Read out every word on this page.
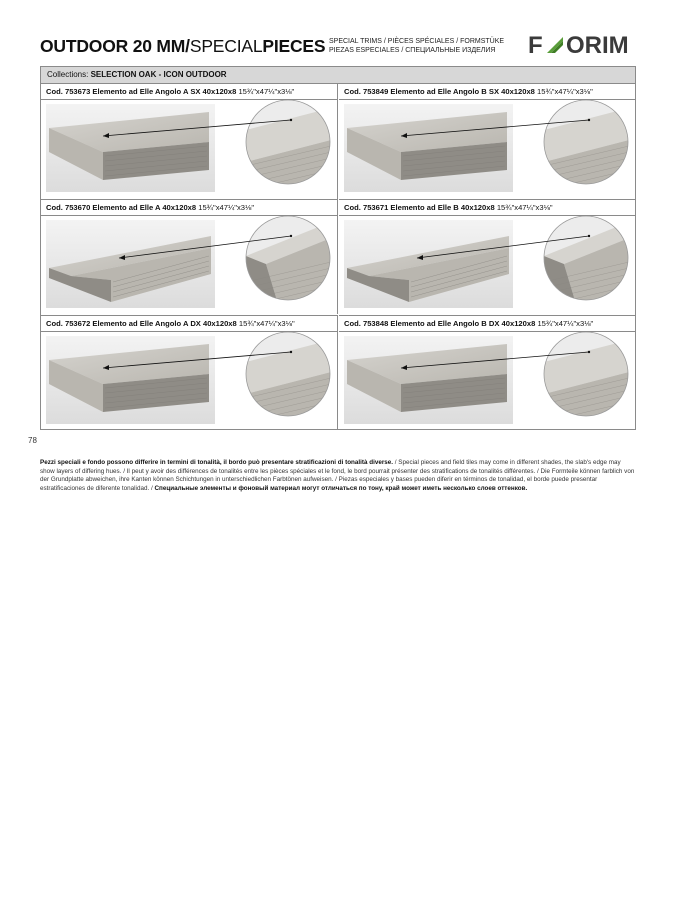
OUTDOOR 20 MM/SPECIALPIECES SPECIAL TRIMS / PIÈCES SPÉCIALES / FORMSTÜKE
PIEZAS ESPECIALES / СПЕЦИАЛЬНЫЕ ИЗДЕЛИЯ	F ORIM
Collections: SELECTION OAK - ICON OUTDOOR
Cod. 753673 Elemento ad Elle Angolo A SX 40x120x8 15¾"x47¼"x3⅛"	Cod. 753849 Elemento ad Elle Angolo B SX 40x120x8 15¾"x47¼"x3⅛"
Cod. 753670 Elemento ad Elle A 40x120x8 15¾"x47¼"x3⅛"	Cod. 753671 Elemento ad Elle B 40x120x8 15¾"x47¼"x3⅛"
Cod. 753672 Elemento ad Elle Angolo A DX 40x120x8 15¾"x47¼"x3⅛"	Cod. 753848 Elemento ad Elle Angolo B DX 40x120x8 15¾"x47¼"x3⅛"
78
Pezzi speciali e fondo possono differire in termini di tonalità, il bordo può presentare stratificazioni di tonalità diverse. / Special pieces and field tiles may come in different shades, the slab's edge may show layers of differing hues. / Il peut y avoir des différences de tonalités entre les pièces spéciales et le fond, le bord pourrait présenter des stratifications de tonalités différentes. / Die Formteile können farblich von der Grundplatte abweichen, ihre Kanten können Schichtungen in unterschiedlichen Farbtönen aufweisen. / Piezas especiales y bases pueden diferir en términos de tonalidad, el borde puede presentar estratificaciones de diferente tonalidad. / Специальные элементы и фоновый материал могут отличаться по тону, край может иметь несколько слоев оттенков.
